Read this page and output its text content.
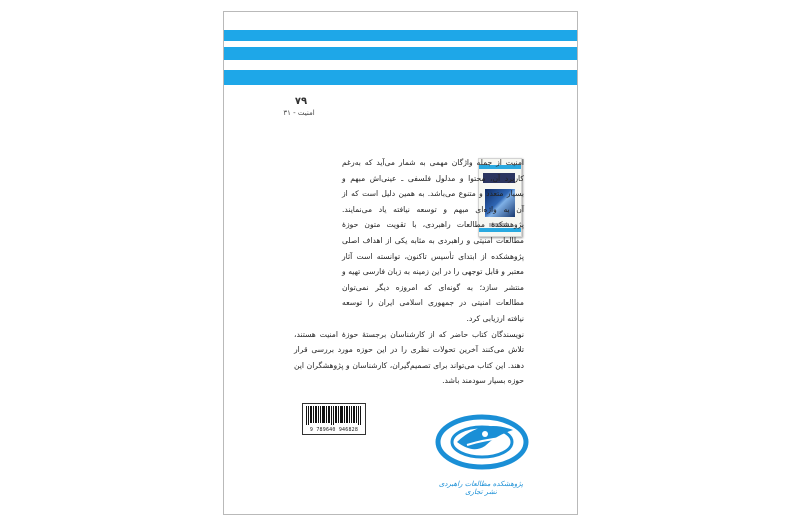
۷۹
امنیت - ۳۱

امنیت از جمله واژگان مهمی به شمار می‌آید که به‌رغم کاربرد آن، محتوا و مدلول فلسفی ـ عینی‌اش مبهم و بسیار متعدد و متنوع می‌باشد. به همین دلیل است که از آن به واژه‌ای مبهم و توسعه نیافته یاد می‌نمایند. پژوهشکدۀ مطالعات راهبردی، با تقویت متون حوزۀ مطالعات امنیتی و راهبردی به مثابه یکی از اهداف اصلی پژوهشکده از ابتدای تأسیس تاکنون، توانسته است آثار معتبر و قابل توجهی را در این زمینه به زبان فارسی تهیه و منتشر سازد؛ به گونه‌ای که امروزه دیگر نمی‌توان مطالعات امنیتی در جمهوری اسلامی ایران را توسعه نیافته ارزیابی کرد.

نویسندگان کتاب حاضر که از کارشناسان برجستۀ حوزۀ امنیت هستند، تلاش می‌کنند آخرین تحولات نظری را در این حوزه مورد بررسی قرار دهند. این کتاب می‌تواند برای تصمیم‌گیران، کارشناسان و پژوهشگران این حوزه بسیار سودمند باشد.

9 789640 946828
پژوهشکده مطالعات راهبردی
نشر تجاری
